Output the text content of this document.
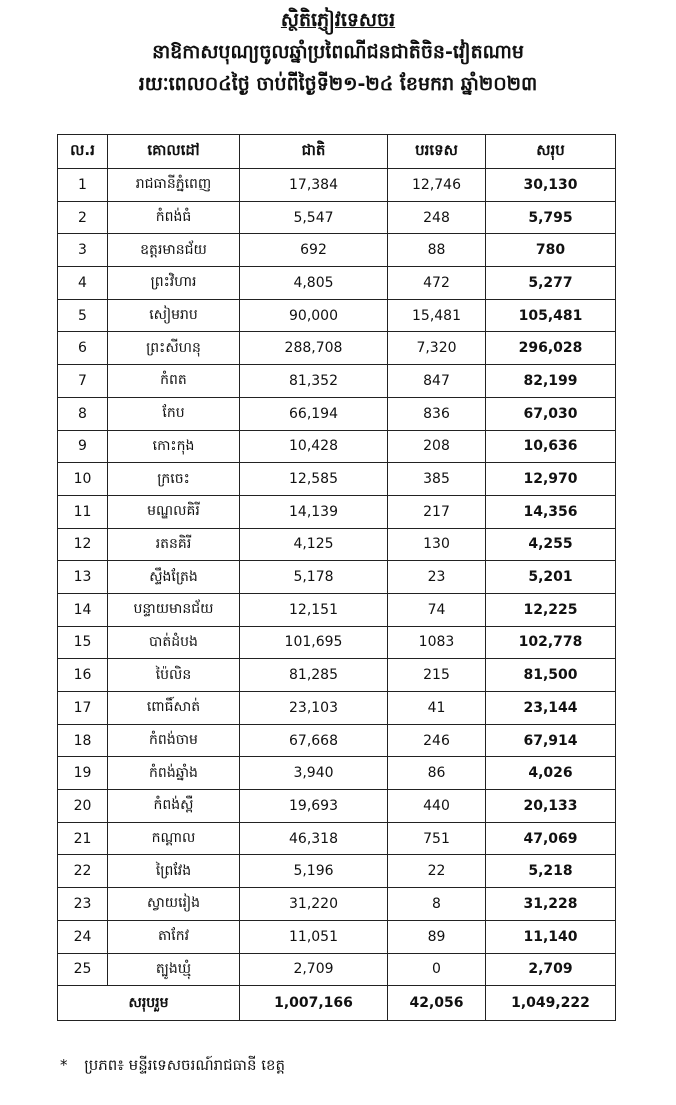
ស្ថិតិភ្ញៀវទេសចរ
នាឱកាសបុណ្យចូលឆ្នាំប្រពៃណីជនជាតិចិន-វៀតណាម
រយៈពេល០៤ថ្ងៃ ចាប់ពីថ្ងៃទី២១-២៤ ខែមករា ឆ្នាំ២០២៣
ល.រ	គោលដៅ	ជាតិ	បរទេស	សរុប
1	រាជធានីភ្នំពេញ	17,384	12,746	30,130
2	កំពង់ធំ	5,547	248	5,795
3	ឧត្តរមានជ័យ	692	88	780
4	ព្រះវិហារ	4,805	472	5,277
5	សៀមរាប	90,000	15,481	105,481
6	ព្រះសីហនុ	288,708	7,320	296,028
7	កំពត	81,352	847	82,199
8	កែប	66,194	836	67,030
9	កោះកុង	10,428	208	10,636
10	ក្រចេះ	12,585	385	12,970
11	មណ្ឌលគិរី	14,139	217	14,356
12	រតនគិរី	4,125	130	4,255
13	ស្ទឹងត្រែង	5,178	23	5,201
14	បន្ទាយមានជ័យ	12,151	74	12,225
15	បាត់ដំបង	101,695	1083	102,778
16	ប៉ៃលិន	81,285	215	81,500
17	ពោធិ៍សាត់	23,103	41	23,144
18	កំពង់ចាម	67,668	246	67,914
19	កំពង់ឆ្នាំង	3,940	86	4,026
20	កំពង់ស្ពឺ	19,693	440	20,133
21	កណ្តាល	46,318	751	47,069
22	ព្រៃវែង	5,196	22	5,218
23	ស្វាយរៀង	31,220	8	31,228
24	តាកែវ	11,051	89	11,140
25	ត្បូងឃ្មុំ	2,709	0	2,709
សរុបរួម		1,007,166	42,056	1,049,222
* ប្រភព៖ មន្ទីរទេសចរណ៍រាជធានី ខេត្ត
